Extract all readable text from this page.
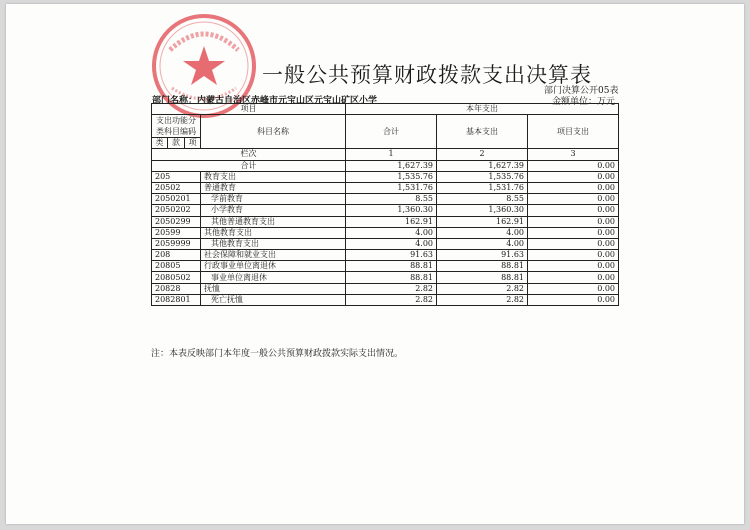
一般公共预算财政拨款支出决算表
部门决算公开05表
部门名称：内蒙古自治区赤峰市元宝山区元宝山矿区小学	金额单位：万元
项目				本年支出		
支出功能分类科目编码			科目名称	合计	基本支出	项目支出
类	款	项				
栏次				1	2	3
合计				1,627.39	1,627.39	0.00
205			教育支出	1,535.76	1,535.76	0.00
20502			普通教育	1,531.76	1,531.76	0.00
2050201			学前教育	8.55	8.55	0.00
2050202			小学教育	1,360.30	1,360.30	0.00
2050299			其他普通教育支出	162.91	162.91	0.00
20599			其他教育支出	4.00	4.00	0.00
2059999			其他教育支出	4.00	4.00	0.00
208			社会保障和就业支出	91.63	91.63	0.00
20805			行政事业单位离退休	88.81	88.81	0.00
2080502			事业单位离退休	88.81	88.81	0.00
20828			抚恤	2.82	2.82	0.00
2082801			死亡抚恤	2.82	2.82	0.00
注：本表反映部门本年度一般公共预算财政拨款实际支出情况。
